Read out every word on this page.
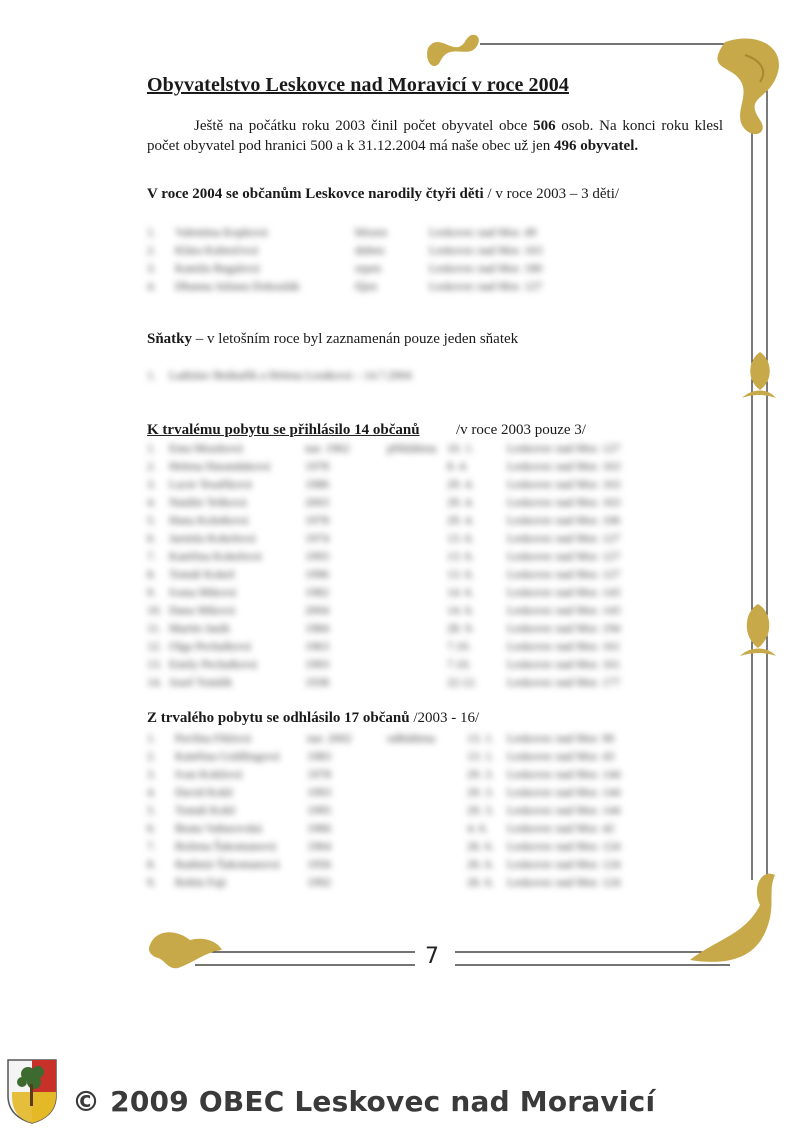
Obyvatelstvo Leskovce nad Moravicí v roce 2004
Ještě na počátku roku 2003 činil počet obyvatel obce 506 osob. Na konci roku klesl počet obyvatel pod hranici 500 a k 31.12.2004 má naše obec už jen 496 obyvatel.
V roce 2004 se občanům Leskovce narodily čtyři děti / v roce 2003 – 3 děti/
1. Valentina Kopková	březen	Leskovec nad Mor. 49
2. Klára Kubesčová	duben	Leskovec nad Mor. 163
3. Kamila Bugalová	srpen	Leskovec nad Mor. 180
4. Dbanna Juliana Dokoulák	říjen	Leskovec nad Mor. 127
Sňatky – v letošním roce byl zaznamenán pouze jeden sňatek
1. Ladislav Bednařík a Helena Lesáková – 14.7.2004
K trvalému pobytu se přihlásilo 14 občanů /v roce 2003 pouze 3/
1. Ema Mrazková	nar. 1962	přihlášena 10. 1.	Leskovec nad Mor. 127
2. Helena Harandaková	1978	8. 4.	Leskovec nad Mor. 163
3. Lucie Tesaříková	1986	29. 4.	Leskovec nad Mor. 163
4. Natálie Tešková	2003	29. 4.	Leskovec nad Mor. 163
5. Hana Kolníková	1978	29. 4.	Leskovec nad Mor. 106
6. Jarmila Kokešová	1974	13. 6.	Leskovec nad Mor. 127
7. Kateřina Kokešová	1993	13. 6.	Leskovec nad Mor. 127
8. Tomáš Kokeš	1996	13. 6.	Leskovec nad Mor. 127
9. Ivana Miková	1982	14. 6.	Leskovec nad Mor. 143
10. Dana Miková	2004	14. 6.	Leskovec nad Mor. 143
11. Martin Janík	1984	28. 9.	Leskovec nad Mor. 194
12. Olga Pechalková	1963	7.10.	Leskovec nad Mor. 161
13. Emily Pechalková	1993	7.10.	Leskovec nad Mor. 161
14. Josef Tomšík	1938	22.12.	Leskovec nad Mor. 177
Z trvalého pobytu se odhlásilo 17 občanů /2003 - 16/
1. Pavlína Fiklová	nar. 2002	odhlášena	13. 1. Leskovec nad Mor. 90
2. Kateřina Goldlingová 1983	13. 1. Leskovec nad Mor. 43
3. Ivan Kokšová	1978	29. 3. Leskovec nad Mor. 144
4. David Kokš	1993	29. 3. Leskovec nad Mor. 144
5. Tomáš Kokš	1995	29. 3. Leskovec nad Mor. 144
6. Beata Vaňurovská	1966	4. 6. Leskovec nad Mor. 42
7. Božena Šakomanová	1964	26. 6. Leskovec nad Mor. 124
8. Radimír Šakomanová 1956	26. 6. Leskovec nad Mor. 124
9. Robin Fajt	1992	26. 6. Leskovec nad Mor. 124
7
© 2009 OBEC Leskovec nad Moravicí
